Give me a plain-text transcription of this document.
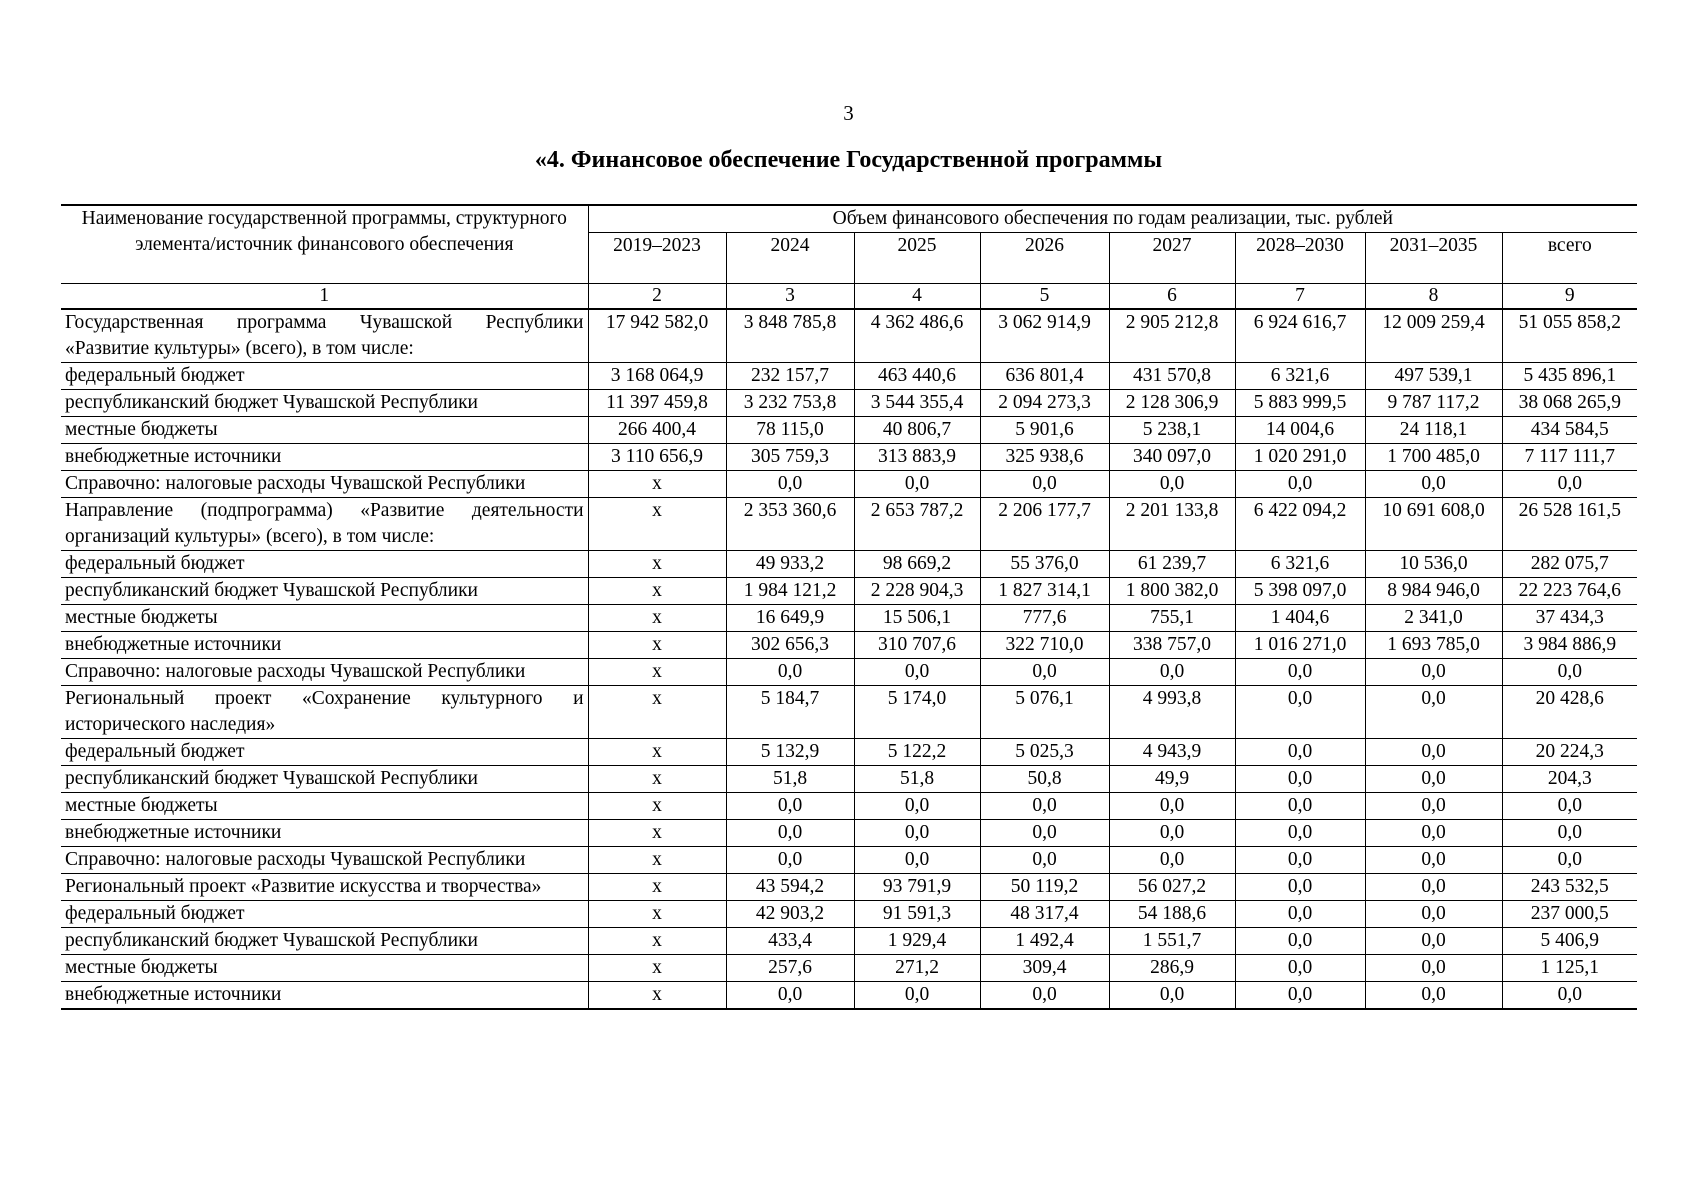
3
«4. Финансовое обеспечение Государственной программы
Наименование государственной программы, структурного элемента/источник финансового обеспечения	Объем финансового обеспечения по годам реализации, тыс. рублей							
	2019–2023	2024	2025	2026	2027	2028–2030	2031–2035	всего
1	2	3	4	5	6	7	8	9
Государственная программа Чувашской Республики «Развитие культуры» (всего), в том числе:	17 942 582,0	3 848 785,8	4 362 486,6	3 062 914,9	2 905 212,8	6 924 616,7	12 009 259,4	51 055 858,2
федеральный бюджет	3 168 064,9	232 157,7	463 440,6	636 801,4	431 570,8	6 321,6	497 539,1	5 435 896,1
республиканский бюджет Чувашской Республики	11 397 459,8	3 232 753,8	3 544 355,4	2 094 273,3	2 128 306,9	5 883 999,5	9 787 117,2	38 068 265,9
местные бюджеты	266 400,4	78 115,0	40 806,7	5 901,6	5 238,1	14 004,6	24 118,1	434 584,5
внебюджетные источники	3 110 656,9	305 759,3	313 883,9	325 938,6	340 097,0	1 020 291,0	1 700 485,0	7 117 111,7
Справочно: налоговые расходы Чувашской Республики	x	0,0	0,0	0,0	0,0	0,0	0,0	0,0
Направление (подпрограмма) «Развитие деятельности организаций культуры» (всего), в том числе:	x	2 353 360,6	2 653 787,2	2 206 177,7	2 201 133,8	6 422 094,2	10 691 608,0	26 528 161,5
федеральный бюджет	x	49 933,2	98 669,2	55 376,0	61 239,7	6 321,6	10 536,0	282 075,7
республиканский бюджет Чувашской Республики	x	1 984 121,2	2 228 904,3	1 827 314,1	1 800 382,0	5 398 097,0	8 984 946,0	22 223 764,6
местные бюджеты	x	16 649,9	15 506,1	777,6	755,1	1 404,6	2 341,0	37 434,3
внебюджетные источники	x	302 656,3	310 707,6	322 710,0	338 757,0	1 016 271,0	1 693 785,0	3 984 886,9
Справочно: налоговые расходы Чувашской Республики	x	0,0	0,0	0,0	0,0	0,0	0,0	0,0
Региональный проект «Сохранение культурного и исторического наследия»	x	5 184,7	5 174,0	5 076,1	4 993,8	0,0	0,0	20 428,6
федеральный бюджет	x	5 132,9	5 122,2	5 025,3	4 943,9	0,0	0,0	20 224,3
республиканский бюджет Чувашской Республики	x	51,8	51,8	50,8	49,9	0,0	0,0	204,3
местные бюджеты	x	0,0	0,0	0,0	0,0	0,0	0,0	0,0
внебюджетные источники	x	0,0	0,0	0,0	0,0	0,0	0,0	0,0
Справочно: налоговые расходы Чувашской Республики	x	0,0	0,0	0,0	0,0	0,0	0,0	0,0
Региональный проект «Развитие искусства и творчества»	x	43 594,2	93 791,9	50 119,2	56 027,2	0,0	0,0	243 532,5
федеральный бюджет	x	42 903,2	91 591,3	48 317,4	54 188,6	0,0	0,0	237 000,5
республиканский бюджет Чувашской Республики	x	433,4	1 929,4	1 492,4	1 551,7	0,0	0,0	5 406,9
местные бюджеты	x	257,6	271,2	309,4	286,9	0,0	0,0	1 125,1
внебюджетные источники	x	0,0	0,0	0,0	0,0	0,0	0,0	0,0
